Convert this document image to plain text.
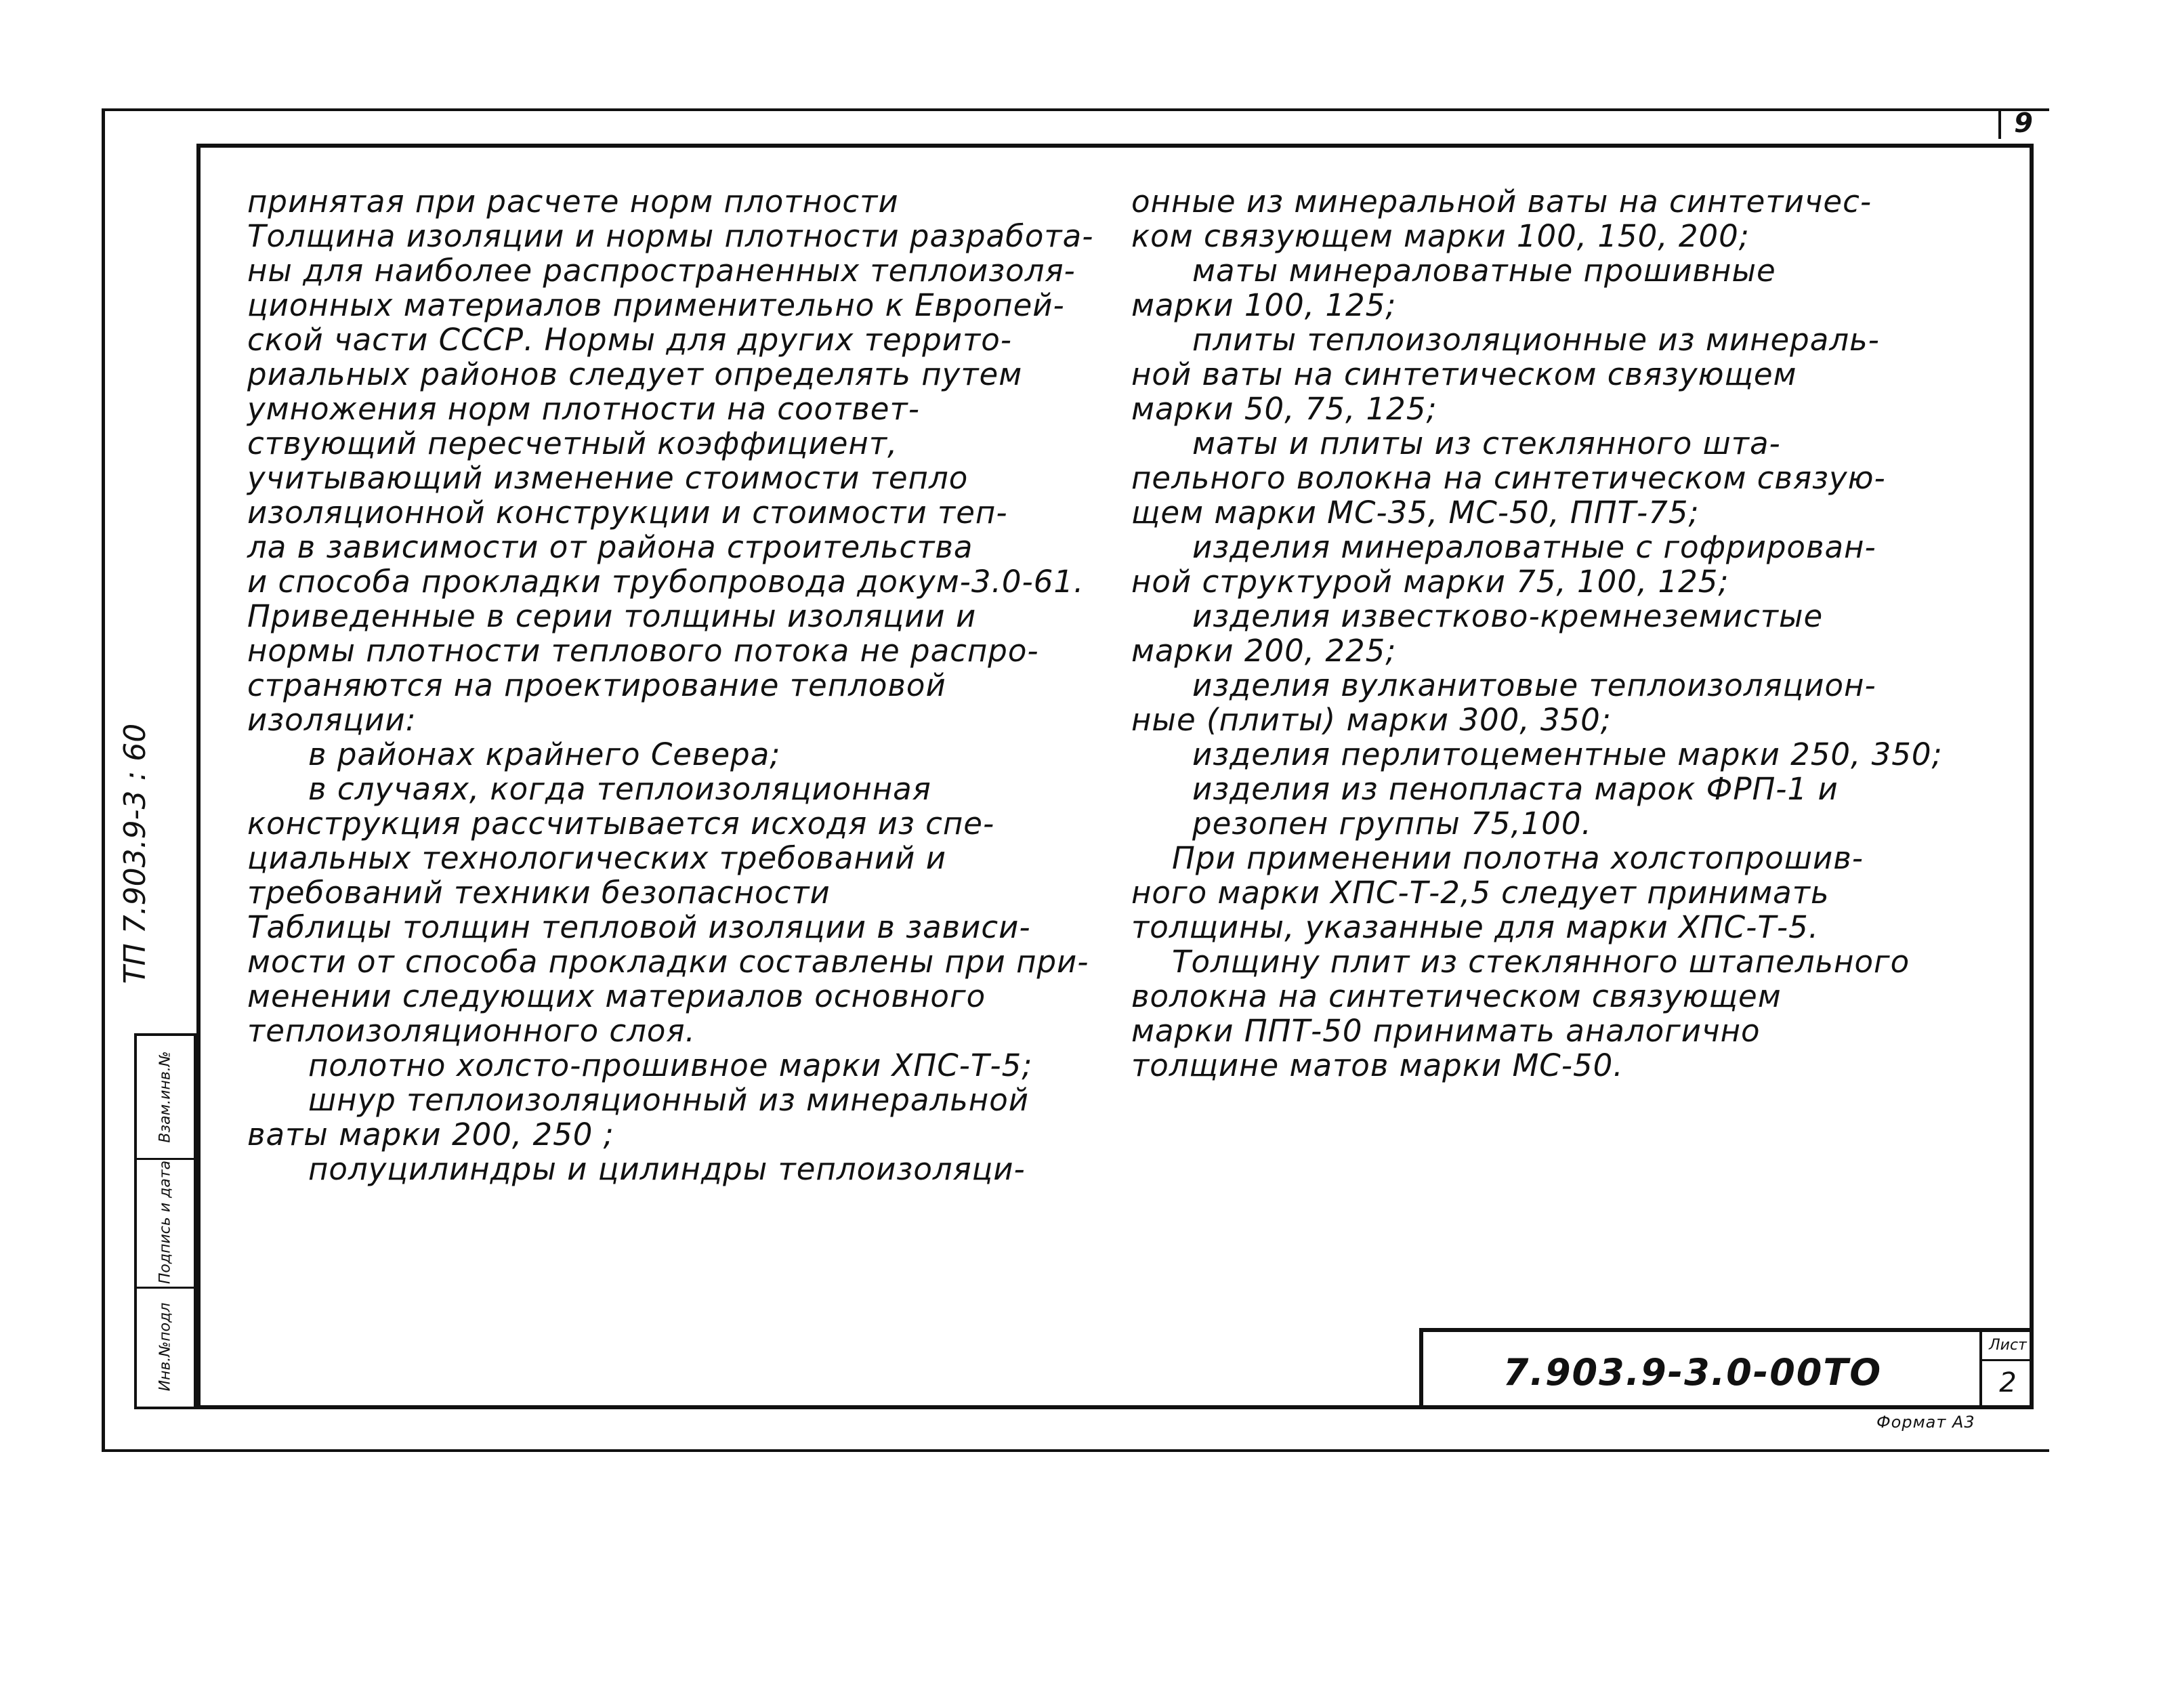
9
ТП 7.903.9-3 : 60
Инв.№подл
Подпись и дата
Взам.инв.№
принятая при расчете норм плотности
Толщина изоляции и нормы плотности разработа-
ны для наиболее распространенных теплоизоля-
ционных материалов применительно к Европей-
ской части СССР. Нормы для других террито-
риальных районов следует определять путем
умножения норм плотности на соответ-
ствующий пересчетный коэффициент,
учитывающий изменение стоимости тепло
изоляционной конструкции и стоимости теп-
ла в зависимости от района строительства
и способа прокладки трубопровода докум-3.0-61.
Приведенные в серии толщины изоляции и
нормы плотности теплового потока не распро-
страняются на проектирование тепловой
изоляции:
в районах крайнего Севера;
в случаях, когда теплоизоляционная
конструкция рассчитывается исходя из спе-
циальных технологических требований и
требований техники безопасности
Таблицы толщин тепловой изоляции в зависи-
мости от способа прокладки составлены при при-
менении следующих материалов основного
теплоизоляционного слоя.
полотно холсто-прошивное марки ХПС-Т-5;
шнур теплоизоляционный из минеральной
ваты марки 200, 250 ;
полуцилиндры и цилиндры теплоизоляци-
онные из минеральной ваты на синтетичес-
ком связующем марки 100, 150, 200;
маты минераловатные прошивные
марки 100, 125;
плиты теплоизоляционные из минераль-
ной ваты на синтетическом связующем
марки 50, 75, 125;
маты и плиты из стеклянного шта-
пельного волокна на синтетическом связую-
щем марки МС-35, МС-50, ППТ-75;
изделия минераловатные с гофрирован-
ной структурой марки 75, 100, 125;
изделия известково-кремнеземистые
марки 200, 225;
изделия вулканитовые теплоизоляцион-
ные (плиты) марки 300, 350;
изделия перлитоцементные марки 250, 350;
изделия из пенопласта марок ФРП-1 и
резопен группы 75,100.
При применении полотна холстопрошив-
ного марки ХПС-Т-2,5 следует принимать
толщины, указанные для марки ХПС-Т-5.
Толщину плит из стеклянного штапельного
волокна на синтетическом связующем
марки ППТ-50 принимать аналогично
толщине матов марки МС-50.
7.903.9-3.0-00ТО
Лист
2
Формат А3
